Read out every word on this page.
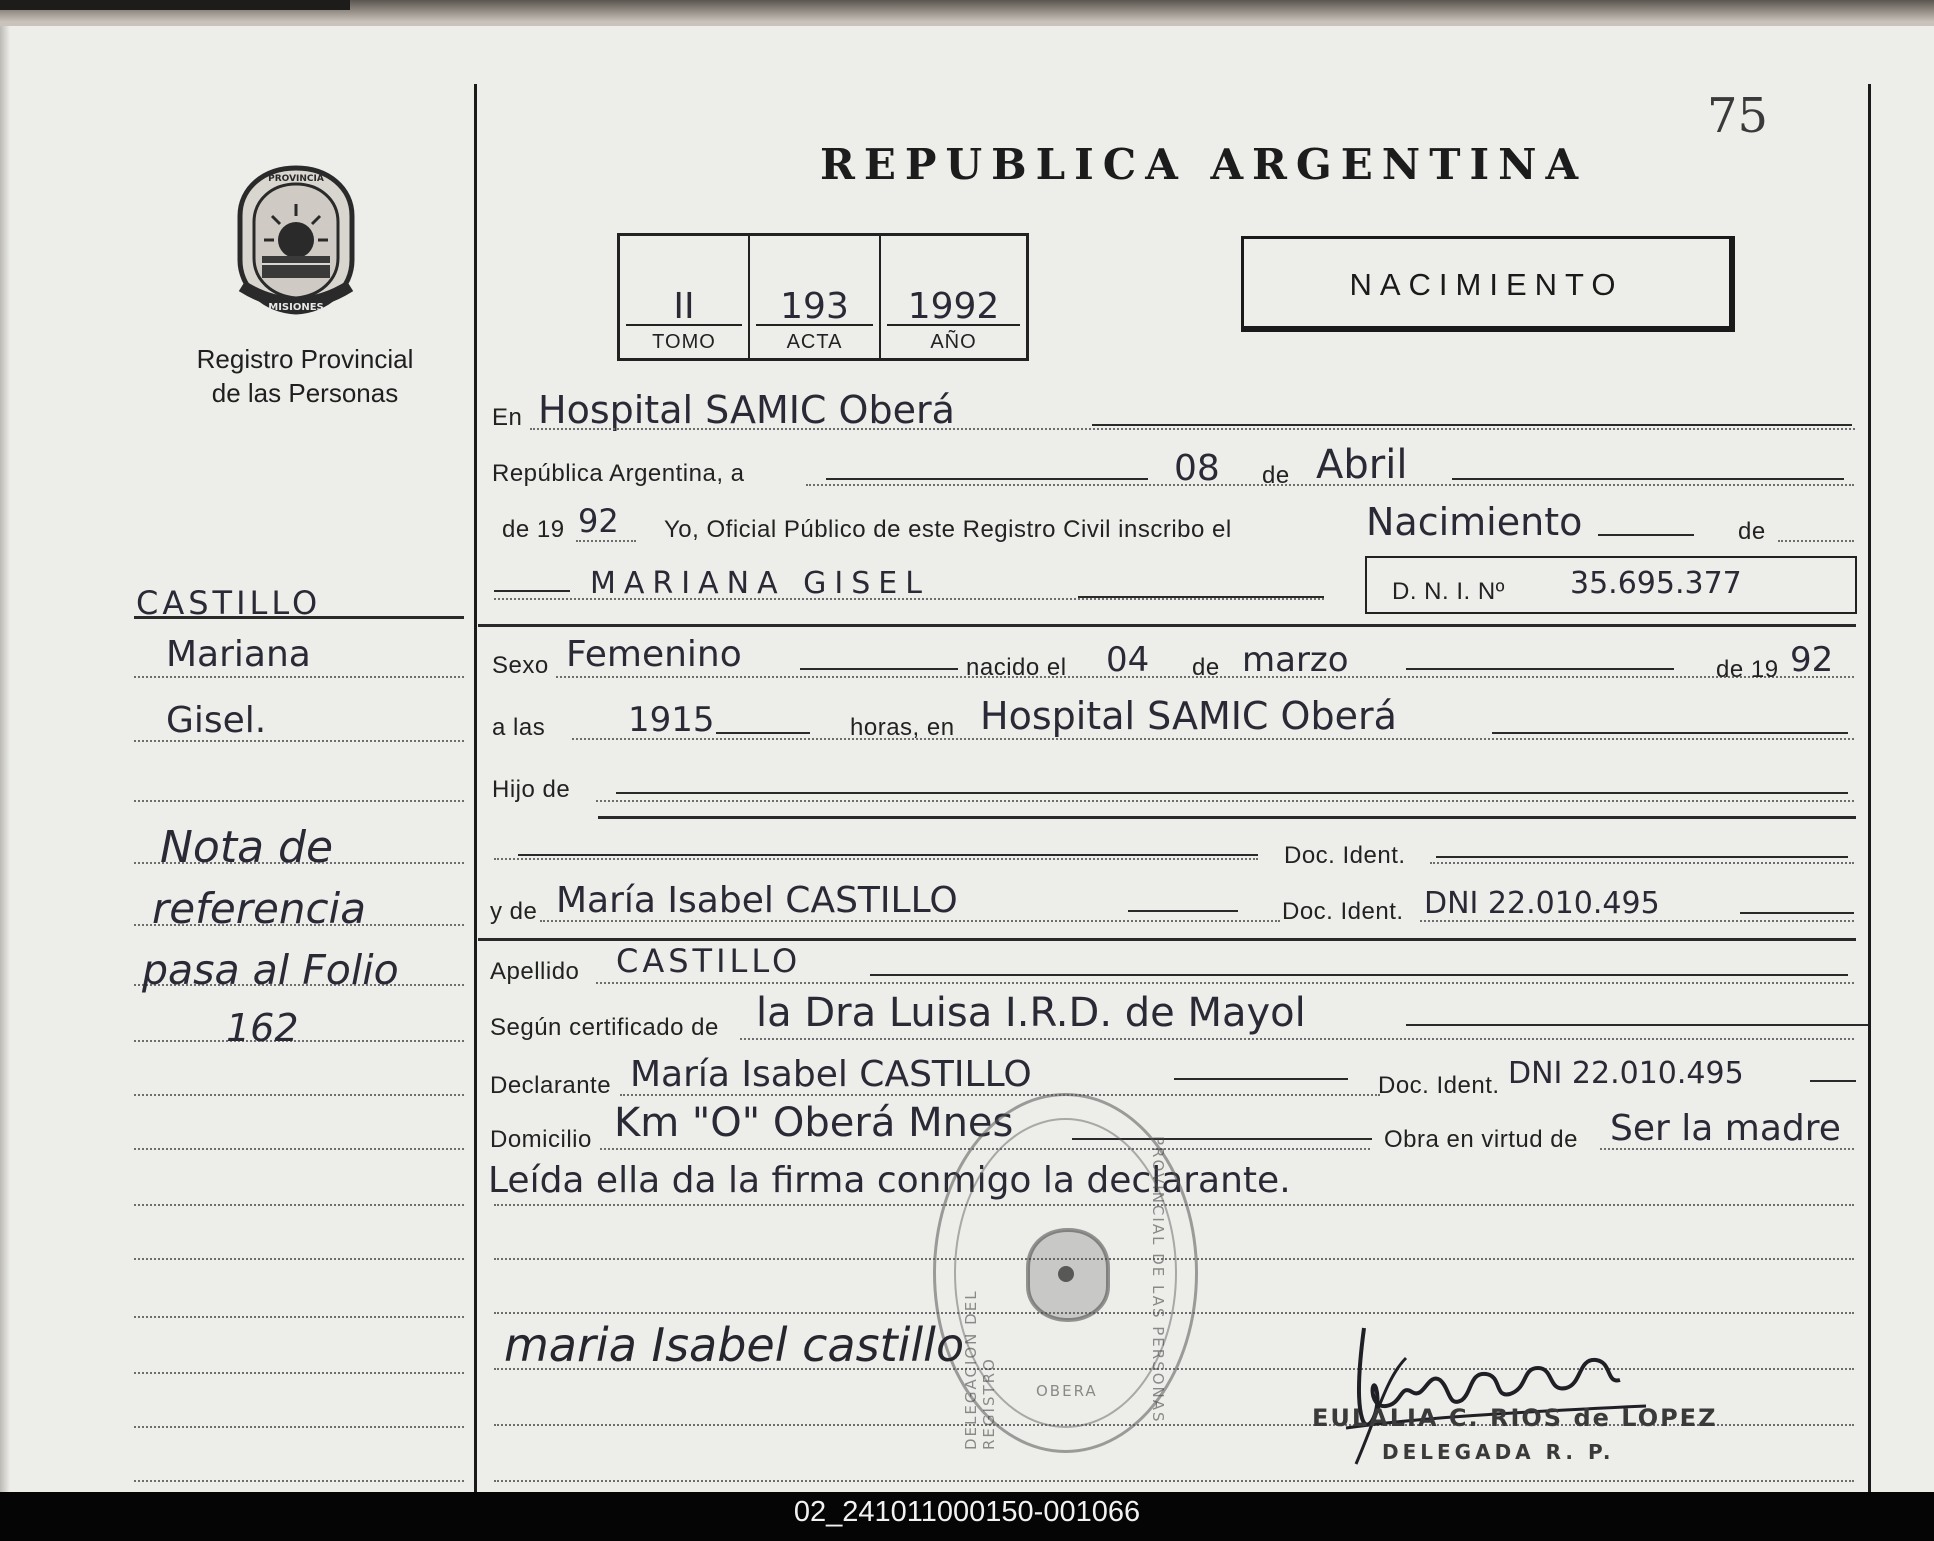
75
MISIONES
PROVINCIA
Registro Provincial
de las Personas
REPUBLICA ARGENTINA
II
TOMO
193
ACTA
1992
AÑO
NACIMIENTO
CASTILLO
Mariana
Gisel.
Nota de
referencia
pasa al Folio
162
En Hospital SAMIC Oberá
República Argentina, a	08 de Abril
de 19 92 Yo, Oficial Público de este Registro Civil inscribo el	Nacimiento	de
MARIANA GISEL	D. N. I. Nº 35.695.377
Sexo Femenino	nacido el 04 de marzo	de 19 92
a las 1915	horas, en Hospital SAMIC Oberá
Hijo de
Doc. Ident.
y de María Isabel CASTILLO	Doc. Ident. DNI 22.010.495
Apellido CASTILLO
Según certificado de la Dra Luisa I.R.D. de Mayol
Declarante María Isabel CASTILLO	Doc. Ident. DNI 22.010.495
Domicilio Km "O" Oberá Mnes	Obra en virtud de Ser la madre
Leída ella da la firma conmigo la declarante.
DELEGACION DEL REGISTRO	PROVINCIAL DE LAS PERSONAS
OBERA
maria Isabel castillo
EULALIA C. RIOS de LOPEZ
DELEGADA R. P.
02_241011000150-001066
